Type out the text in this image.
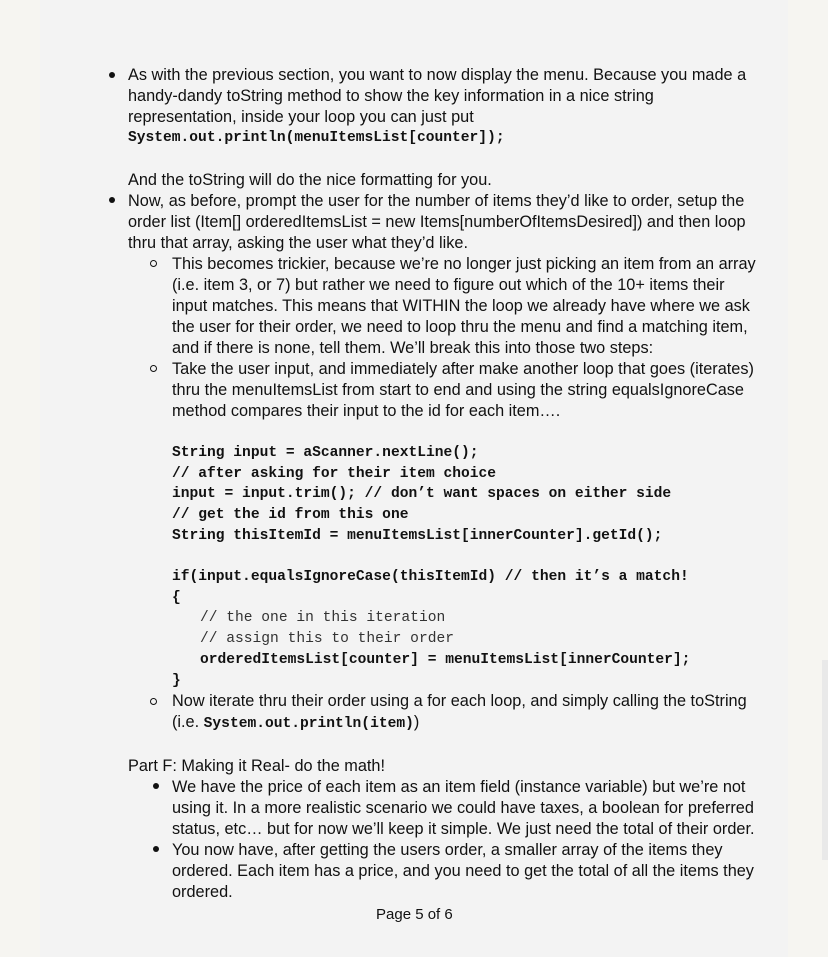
As with the previous section, you want to now display the menu. Because you made a
handy-dandy toString method to show the key information in a nice string
representation, inside your loop you can just put
System.out.println(menuItemsList[counter]);
And the toString will do the nice formatting for you.
Now, as before, prompt the user for the number of items they’d like to order, setup the
order list (Item[] orderedItemsList = new Items[numberOfItemsDesired]) and then loop
thru that array, asking the user what they’d like.
This becomes trickier, because we’re no longer just picking an item from an array
(i.e. item 3, or 7) but rather we need to figure out which of the 10+ items their
input matches. This means that WITHIN the loop we already have where we ask
the user for their order, we need to loop thru the menu and find a matching item,
and if there is none, tell them. We’ll break this into those two steps:
Take the user input, and immediately after make another loop that goes (iterates)
thru the menuItemsList from start to end and using the string equalsIgnoreCase
method compares their input to the id for each item….
String input = aScanner.nextLine();
// after asking for their item choice
input = input.trim(); // don’t want spaces on either side
// get the id from this one
String thisItemId = menuItemsList[innerCounter].getId();
if(input.equalsIgnoreCase(thisItemId) // then it’s a match!
{
// the one in this iteration
// assign this to their order
orderedItemsList[counter] = menuItemsList[innerCounter];
}
Now iterate thru their order using a for each loop, and simply calling the toString
(i.e. System.out.println(item))
Part F: Making it Real- do the math!
We have the price of each item as an item field (instance variable) but we’re not
using it. In a more realistic scenario we could have taxes, a boolean for preferred
status, etc… but for now we’ll keep it simple. We just need the total of their order.
You now have, after getting the users order, a smaller array of the items they
ordered. Each item has a price, and you need to get the total of all the items they
ordered.
Page 5 of 6
